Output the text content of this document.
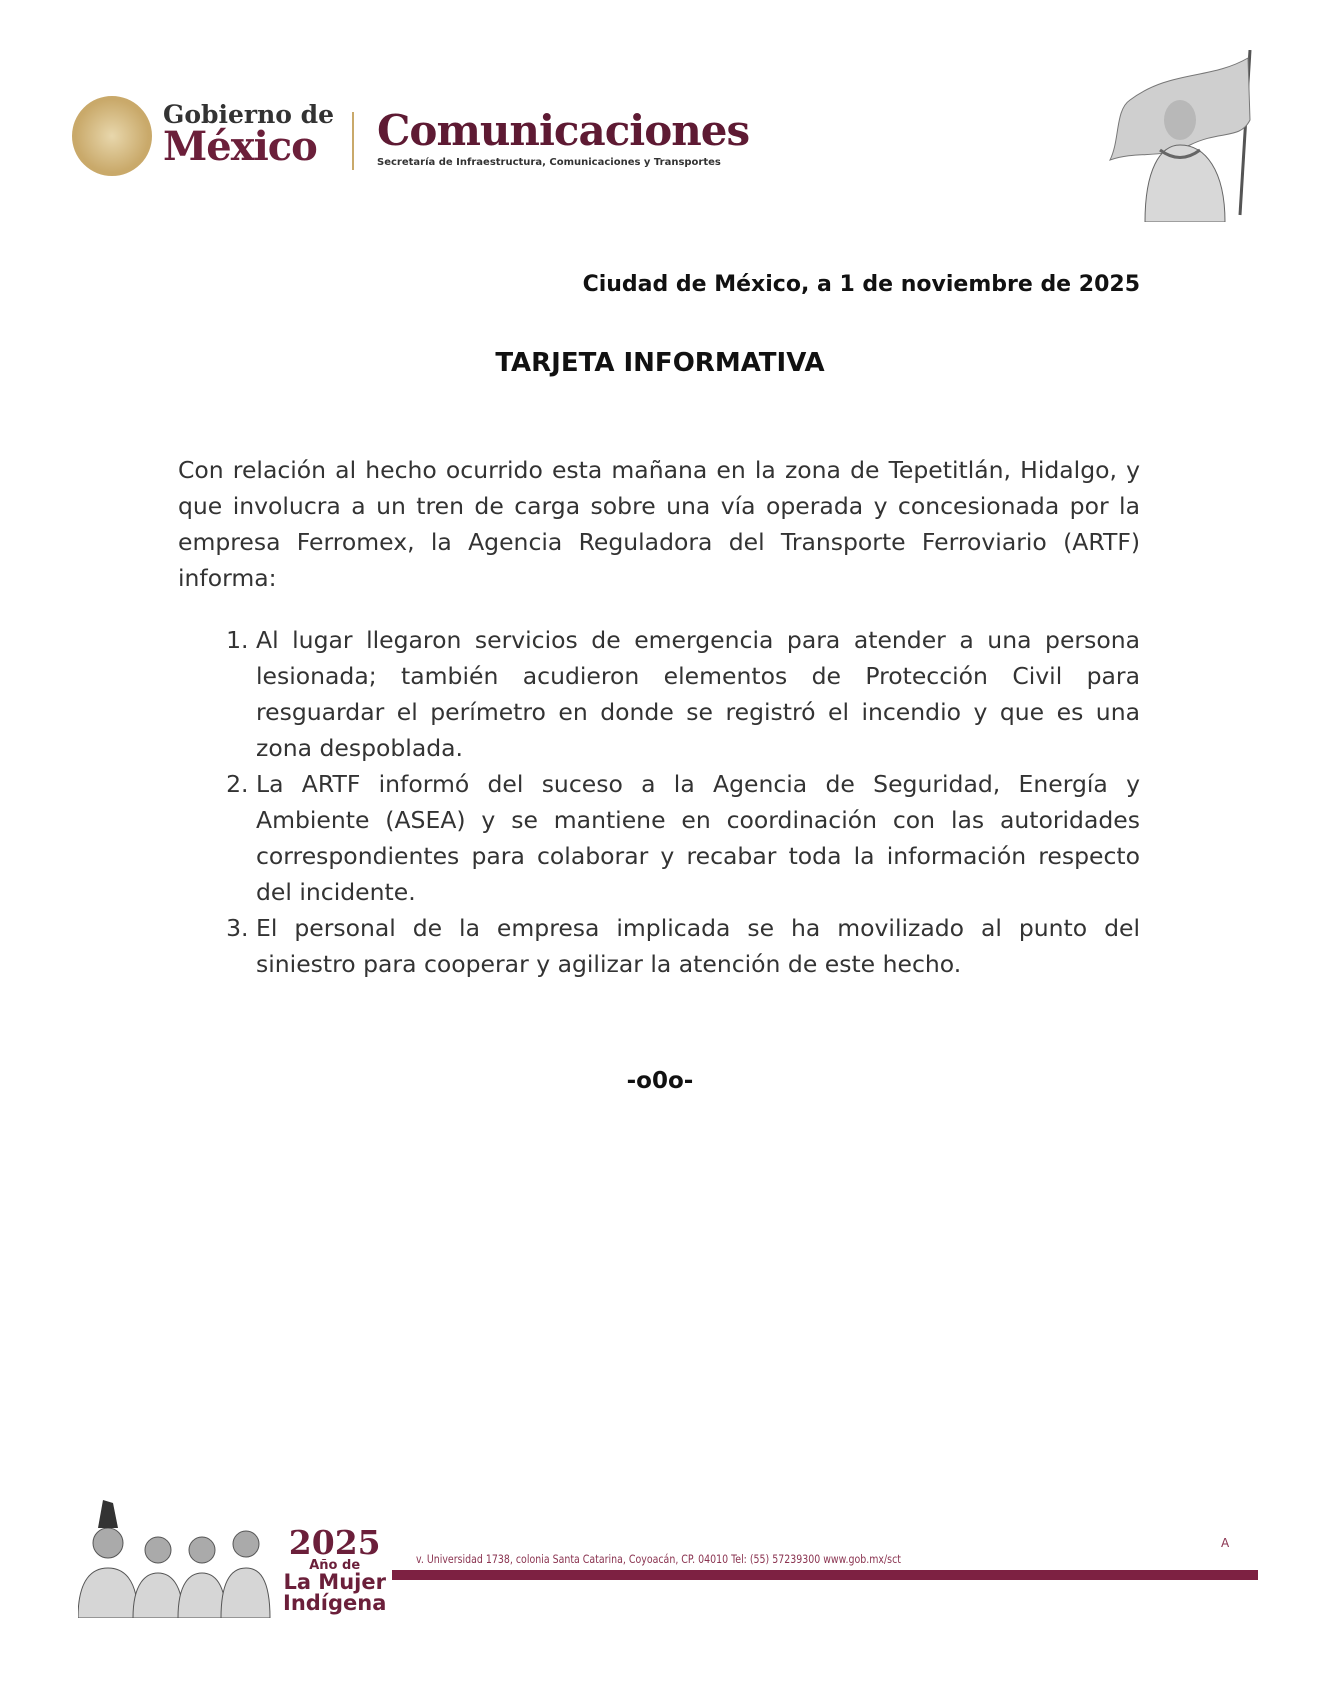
Gobierno de
México	Comunicaciones
Secretaría de Infraestructura, Comunicaciones y Transportes
Ciudad de México, a 1 de noviembre de 2025
TARJETA INFORMATIVA

Con relación al hecho ocurrido esta mañana en la zona de Tepetitlán, Hidalgo, y que involucra a un tren de carga sobre una vía operada y concesionada por la empresa Ferromex, la Agencia Reguladora del Transporte Ferroviario (ARTF) informa:

1. Al lugar llegaron servicios de emergencia para atender a una persona lesionada; también acudieron elementos de Protección Civil para resguardar el perímetro en donde se registró el incendio y que es una zona despoblada.
2. La ARTF informó del suceso a la Agencia de Seguridad, Energía y Ambiente (ASEA) y se mantiene en coordinación con las autoridades correspondientes para colaborar y recabar toda la información respecto del incidente.
3. El personal de la empresa implicada se ha movilizado al punto del siniestro para cooperar y agilizar la atención de este hecho.
-o0o-
2025
Año de
La Mujer
Indígena
v. Universidad 1738, colonia Santa Catarina, Coyoacán, CP. 04010 Tel: (55) 57239300 www.gob.mx/sct
A
